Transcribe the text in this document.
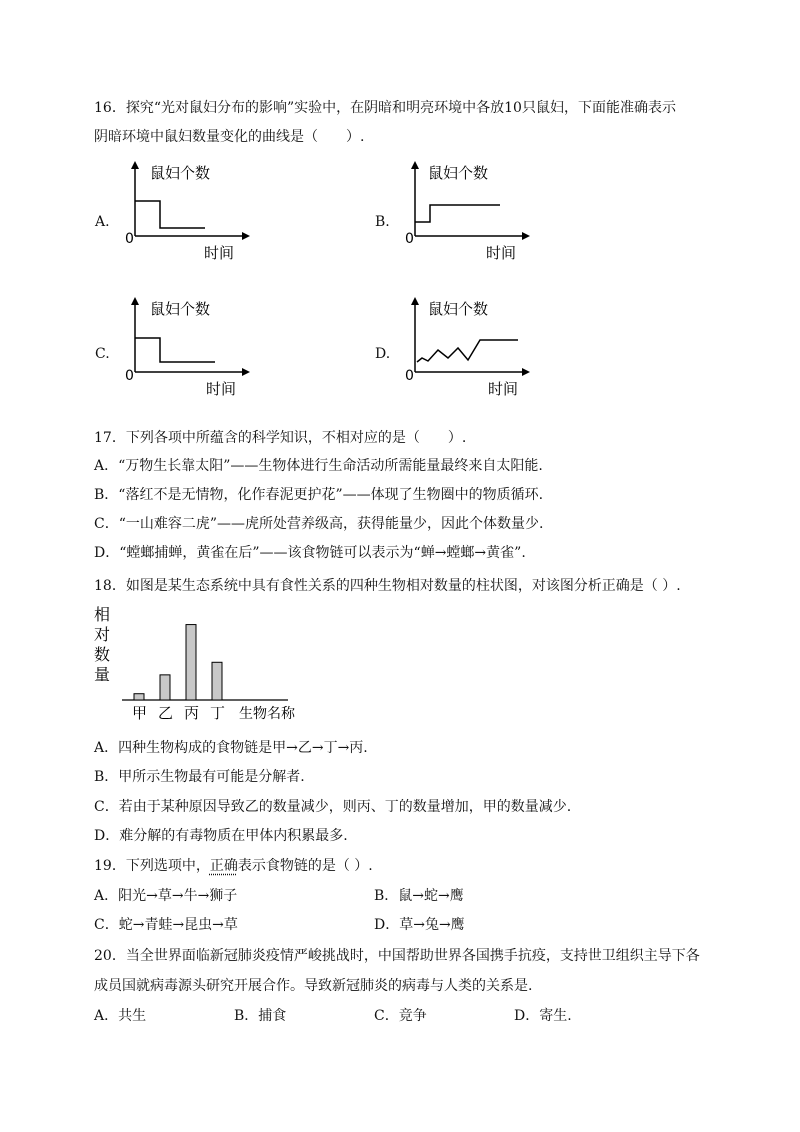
16．探究“光对鼠妇分布的影响”实验中，在阴暗和明亮环境中各放10只鼠妇，下面能准确表示
阴暗环境中鼠妇数量变化的曲线是（　　）.
A.
鼠妇个数
0
时间
B.
鼠妇个数
0
时间
C.
鼠妇个数
0
时间
D.
鼠妇个数
0
时间
17．下列各项中所蕴含的科学知识，不相对应的是（　　）.
A．“万物生长靠太阳”——生物体进行生命活动所需能量最终来自太阳能.
B．“落红不是无情物，化作春泥更护花”——体现了生物圈中的物质循环.
C．“一山难容二虎”——虎所处营养级高，获得能量少，因此个体数量少.
D．“螳螂捕蝉，黄雀在后”——该食物链可以表示为“蝉→螳螂→黄雀”.
18．如图是某生态系统中具有食性关系的四种生物相对数量的柱状图，对该图分析正确是（ ）.
相
对
数
量
甲 乙 丙 丁 生物名称
A．四种生物构成的食物链是甲→乙→丁→丙.
B．甲所示生物最有可能是分解者.
C．若由于某种原因导致乙的数量减少，则丙、丁的数量增加，甲的数量减少.
D．难分解的有毒物质在甲体内积累最多.
19．下列选项中，正确表示食物链的是（ ）.
A．阳光→草→牛→狮子	B．鼠→蛇→鹰
C．蛇→青蛙→昆虫→草	D．草→兔→鹰
20．当全世界面临新冠肺炎疫情严峻挑战时，中国帮助世界各国携手抗疫，支持世卫组织主导下各
成员国就病毒源头研究开展合作。导致新冠肺炎的病毒与人类的关系是.
A．共生	B．捕食	C．竞争	D．寄生.
